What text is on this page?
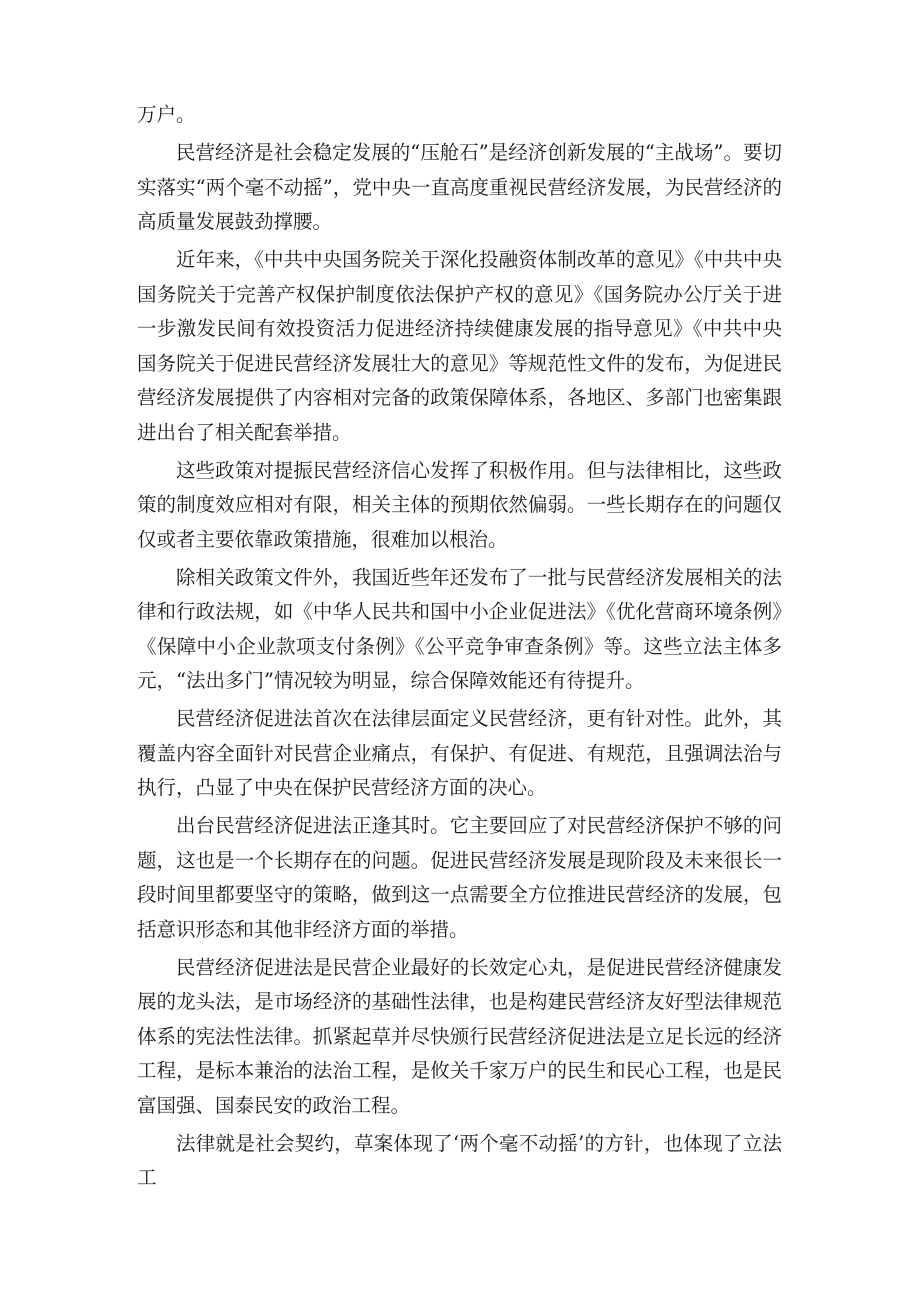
万户。

民营经济是社会稳定发展的“压舱石”是经济创新发展的“主战场”。要切实落实“两个毫不动摇”，党中央一直高度重视民营经济发展，为民营经济的高质量发展鼓劲撑腰。

近年来，《中共中央国务院关于深化投融资体制改革的意见》《中共中央国务院关于完善产权保护制度依法保护产权的意见》《国务院办公厅关于进一步激发民间有效投资活力促进经济持续健康发展的指导意见》《中共中央国务院关于促进民营经济发展壮大的意见》等规范性文件的发布，为促进民营经济发展提供了内容相对完备的政策保障体系，各地区、多部门也密集跟进出台了相关配套举措。

这些政策对提振民营经济信心发挥了积极作用。但与法律相比，这些政策的制度效应相对有限，相关主体的预期依然偏弱。一些长期存在的问题仅仅或者主要依靠政策措施，很难加以根治。

除相关政策文件外，我国近些年还发布了一批与民营经济发展相关的法律和行政法规，如《中华人民共和国中小企业促进法》《优化营商环境条例》《保障中小企业款项支付条例》《公平竞争审查条例》等。这些立法主体多元，“法出多门”情况较为明显，综合保障效能还有待提升。

民营经济促进法首次在法律层面定义民营经济，更有针对性。此外，其覆盖内容全面针对民营企业痛点，有保护、有促进、有规范，且强调法治与执行，凸显了中央在保护民营经济方面的决心。

出台民营经济促进法正逢其时。它主要回应了对民营经济保护不够的问题，这也是一个长期存在的问题。促进民营经济发展是现阶段及未来很长一段时间里都要坚守的策略，做到这一点需要全方位推进民营经济的发展，包括意识形态和其他非经济方面的举措。

民营经济促进法是民营企业最好的长效定心丸，是促进民营经济健康发展的龙头法，是市场经济的基础性法律，也是构建民营经济友好型法律规范体系的宪法性法律。抓紧起草并尽快颁行民营经济促进法是立足长远的经济工程，是标本兼治的法治工程，是攸关千家万户的民生和民心工程，也是民富国强、国泰民安的政治工程。

法律就是社会契约，草案体现了‘两个毫不动摇’的方针，也体现了立法工
